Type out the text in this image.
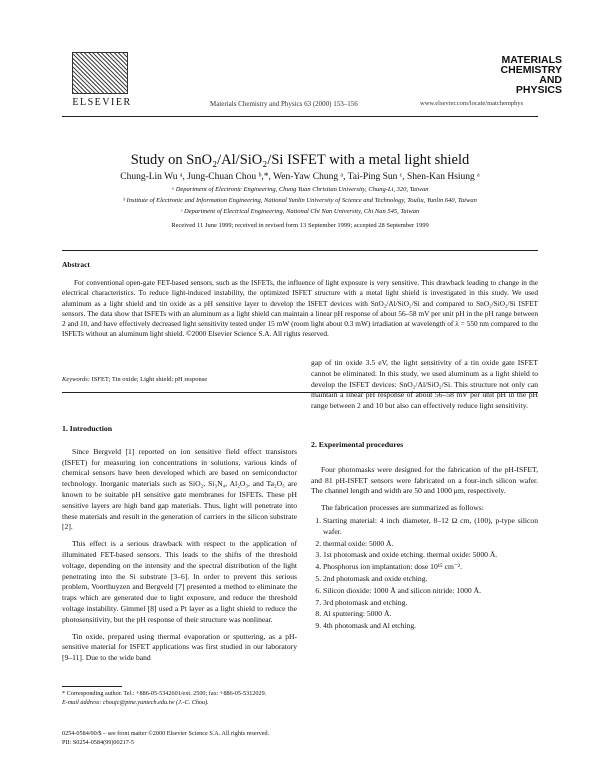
ELSEVIER	Materials Chemistry and Physics 63 (2000) 153–156
MATERIALS CHEMISTRY AND PHYSICS
www.elsevier.com/locate/matchemphys
Study on SnO₂/Al/SiO₂/Si ISFET with a metal light shield
Chung-Lin Wu ᵃ, Jung-Chuan Chou ᵇ,*, Wen-Yaw Chung ᵃ, Tai-Ping Sun ᶜ, Shen-Kan Hsiung ᵃ
ᵃ Department of Electronic Engineering, Chung Yuan Christian University, Chung-Li, 320, Taiwan
ᵇ Institute of Electronic and Information Engineering, National Yunlin University of Science and Technology, Touliu, Yunlin 640, Taiwan
ᶜ Department of Electrical Engineering, National Chi Nan University, Chi Nan 545, Taiwan
Received 11 June 1999; received in revised form 13 September 1999; accepted 28 September 1999
Abstract
For conventional open-gate FET-based sensors, such as the ISFETs, the influence of light exposure is very sensitive. This drawback leading to change in the electrical characteristics. To reduce light-induced instability, the optimized ISFET structure with a metal light shield is investigated in this study. We used aluminum as a light shield and tin oxide as a pH sensitive layer to develop the ISFET devices with SnO₂/Al/SiO₂/Si and compared to SnO₂/SiO₂/Si ISFET sensors. The data show that ISFETs with an aluminum as a light shield can maintain a linear pH response of about 56–58 mV per unit pH in the pH range between 2 and 10, and have effectively decreased light sensitivity tested under 15 mW (room light about 0.3 mW) irradiation at wavelength of λ = 550 nm compared to the ISFETs without an aluminum light shield. ©2000 Elsevier Science S.A. All rights reserved.
Keywords: ISFET; Tin oxide; Light shield; pH response
1. Introduction

Since Bergveld [1] reported on ion sensitive field effect transistors (ISFET) for measuring ion concentrations in solutions, various kinds of chemical sensors have been developed which are based on semiconductor technology. Inorganic materials such as SiO₂, Si₃N₄, Al₂O₃, and Ta₂O₅ are known to be suitable pH sensitive gate membranes for ISFETs. These pH sensitive layers are high band gap materials. Thus, light will penetrate into these materials and result in the generation of carriers in the silicon substrate [2].

This effect is a serious drawback with respect to the application of illuminated FET-based sensors. This leads to the shifts of the threshold voltage, depending on the intensity and the spectral distribution of the light penetrating into the Si substrate [3–6]. In order to prevent this serious problem, Voorthuyzen and Bergveld [7] presented a method to eliminate the traps which are generated due to light exposure, and reduce the threshold voltage instability. Gimmel [8] used a Pt layer as a light shield to reduce the photosensitivity, but the pH response of their structure was nonlinear.

Tin oxide, prepared using thermal evaporation or sputtering, as a pH-sensitive material for ISFET applications was first studied in our laboratory [9–11]. Due to the wide band

* Corresponding author. Tel.: +886-05-5342601/ext. 2500; fax: +886-05-5312029.

E-mail address: choujc@pine.yuntech.edu.tw (J.-C. Chou).

gap of tin oxide 3.5 eV, the light sensitivity of a tin oxide gate ISFET cannot be eliminated. In this study, we used aluminum as a light shield to develop the ISFET devices: SnO₂/Al/SiO₂/Si. This structure not only can maintain a linear pH response of about 56–58 mV per unit pH in the pH range between 2 and 10 but also can effectively reduce light sensitivity.

2. Experimental procedures

Four photomasks were designed for the fabrication of the pH-ISFET, and 81 pH-ISFET sensors were fabricated on a four-inch silicon wafer. The channel length and width are 50 and 1000 μm, respectively.

The fabrication processes are summarized as follows:

1. Starting material: 4 inch diameter, 8–12 Ω cm, (100), p-type silicon wafer.
2. thermal oxide: 5000 Å.
3. 1st photomask and oxide etching. thermal oxide: 5000 Å.
4. Phosphorus ion implantation: dose 10¹⁵ cm⁻².
5. 2nd photomask and oxide etching.
6. Silicon dioxide: 1000 Å and silicon nitride: 1000 Å.
7. 3rd photomask and etching.
8. Al sputtering: 5000 Å.
9. 4th photomask and Al etching.
0254-0584/00/$ – see front matter ©2000 Elsevier Science S.A. All rights reserved.
PII: S0254-0584(99)00217-5
